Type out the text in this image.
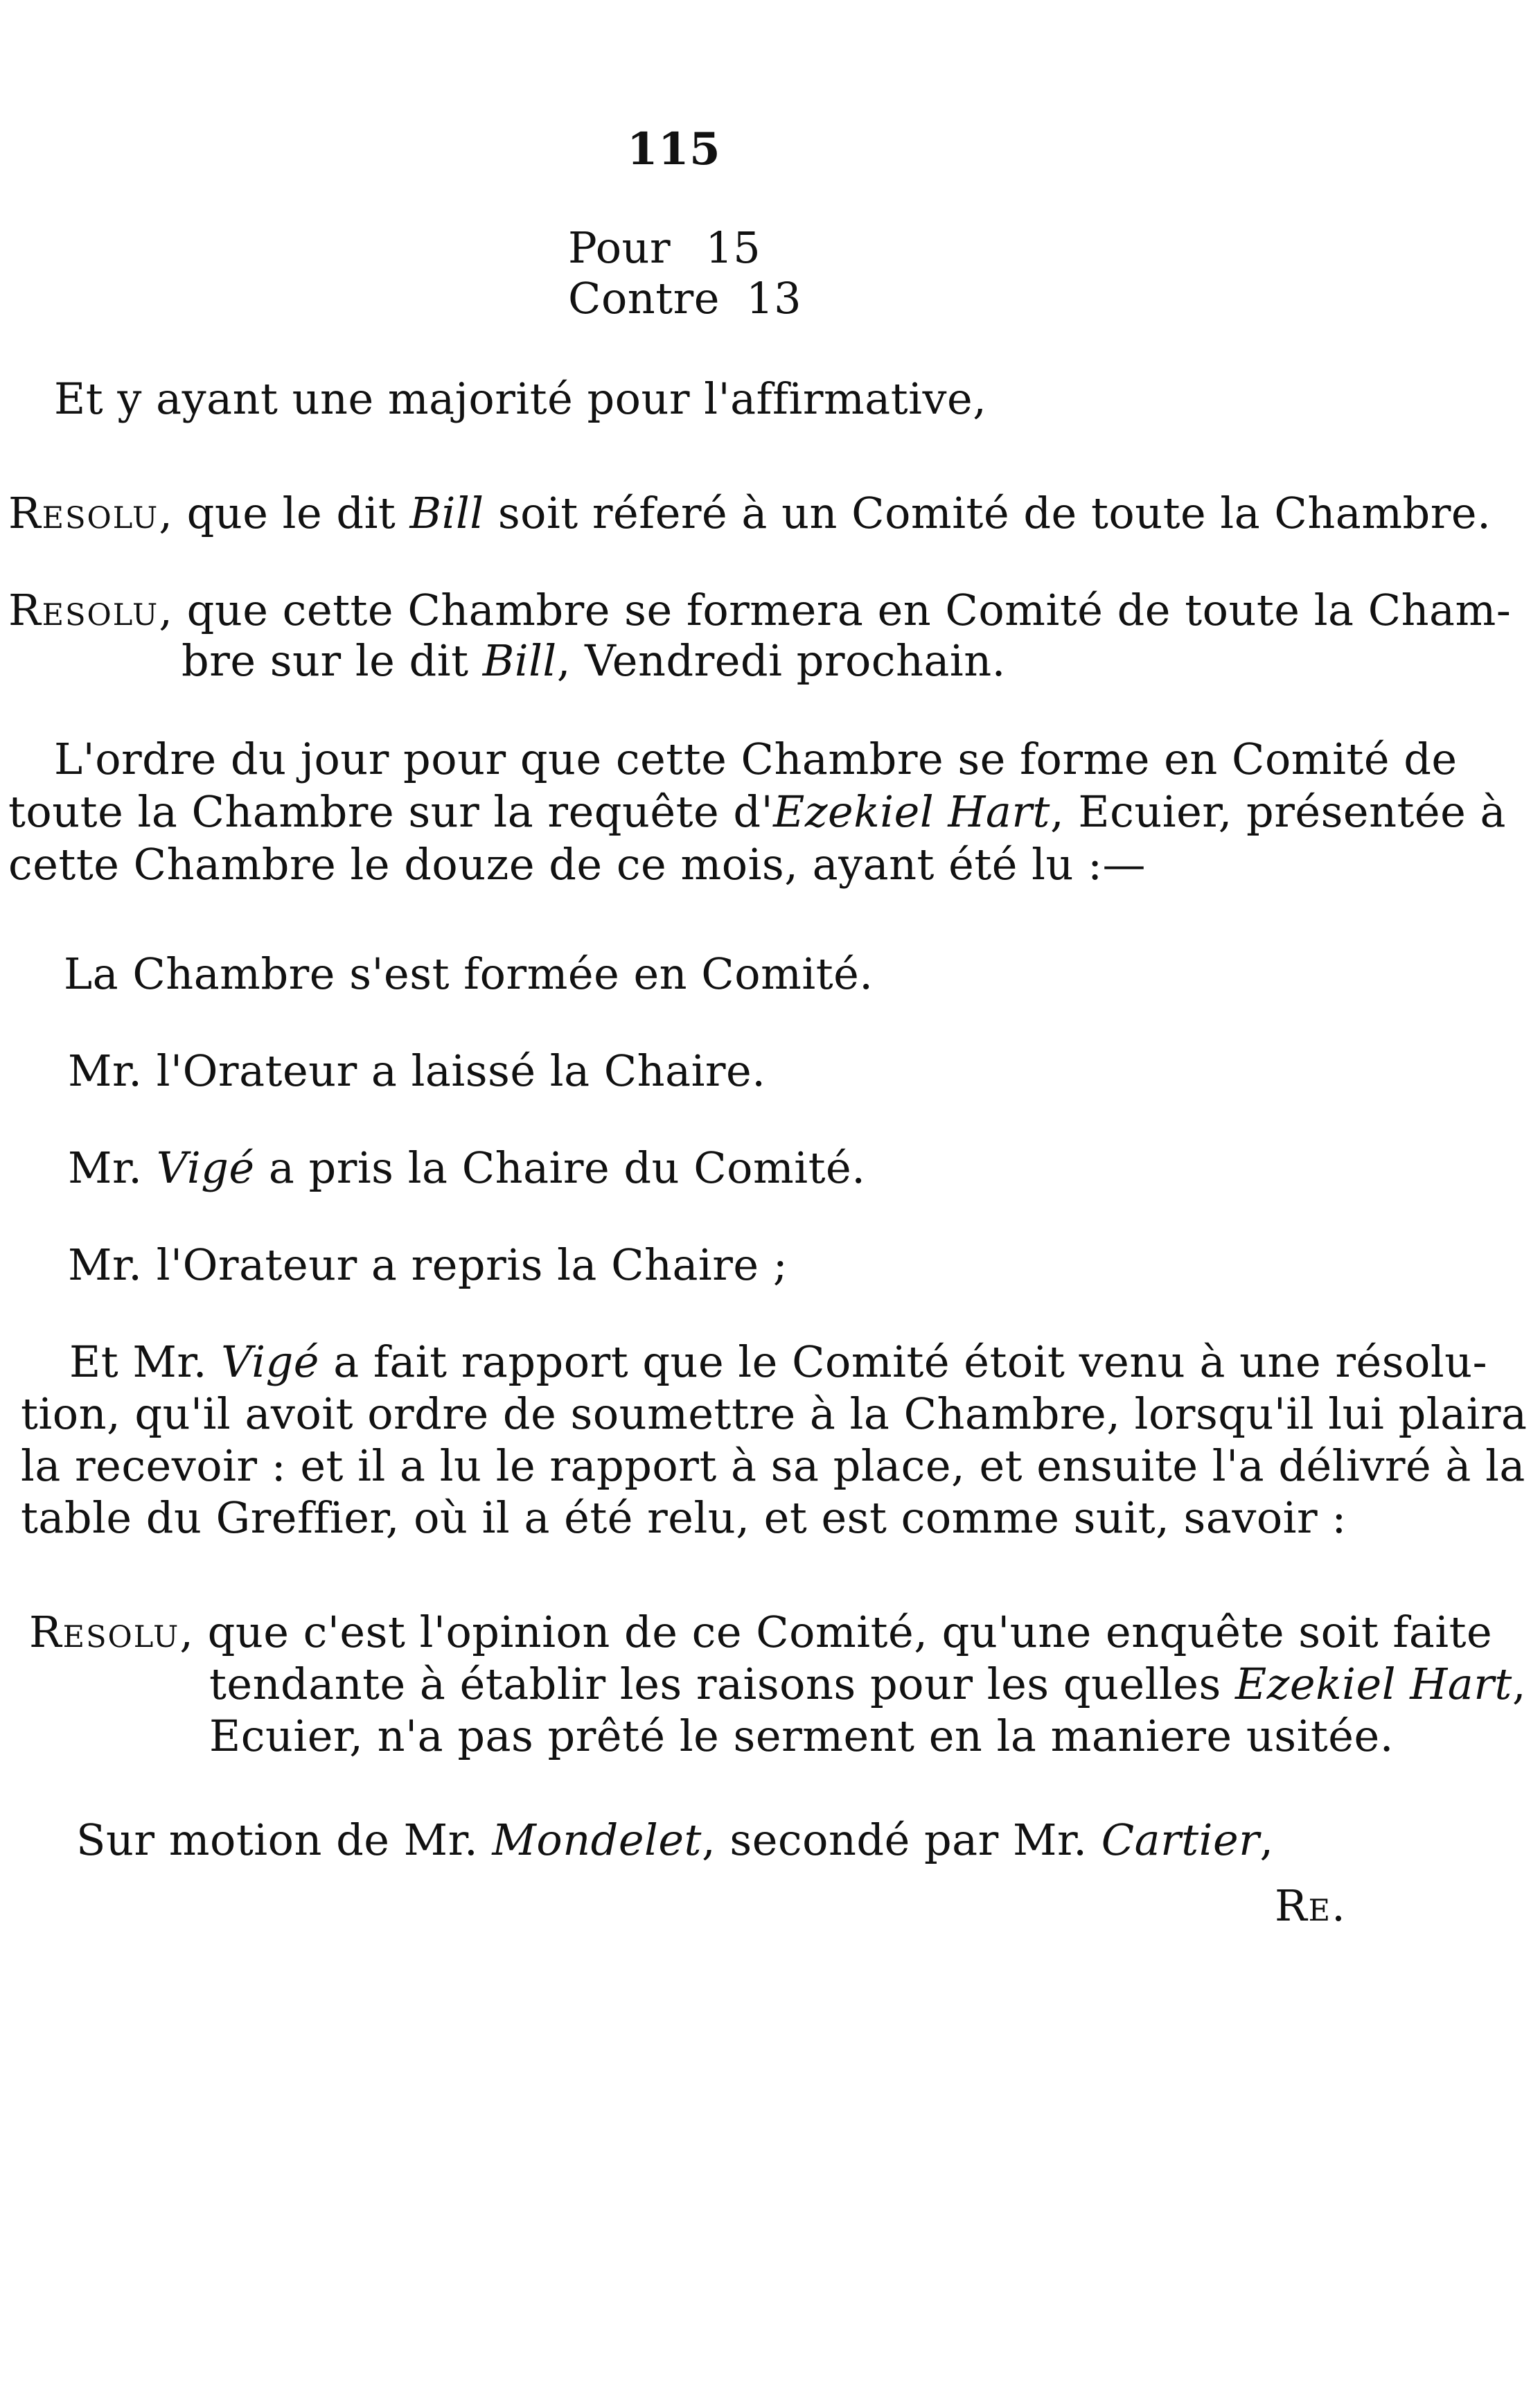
115
Pour 15
Contre 13
Et y ayant une majorité pour l'affirmative,
Resolu, que le dit Bill soit réferé à un Comité de toute la Chambre.
Resolu, que cette Chambre se formera en Comité de toute la Cham-
bre sur le dit Bill, Vendredi prochain.
L'ordre du jour pour que cette Chambre se forme en Comité de
toute la Chambre sur la requête d'Ezekiel Hart, Ecuier, présentée à
cette Chambre le douze de ce mois, ayant été lu :—
La Chambre s'est formée en Comité.
Mr. l'Orateur a laissé la Chaire.
Mr. Vigé a pris la Chaire du Comité.
Mr. l'Orateur a repris la Chaire ;
Et Mr. Vigé a fait rapport que le Comité étoit venu à une résolu-
tion, qu'il avoit ordre de soumettre à la Chambre, lorsqu'il lui plaira
la recevoir : et il a lu le rapport à sa place, et ensuite l'a délivré à la
table du Greffier, où il a été relu, et est comme suit, savoir :
Resolu, que c'est l'opinion de ce Comité, qu'une enquête soit faite
tendante à établir les raisons pour les quelles Ezekiel Hart,
Ecuier, n'a pas prêté le serment en la maniere usitée.
Sur motion de Mr. Mondelet, secondé par Mr. Cartier,
Re.
